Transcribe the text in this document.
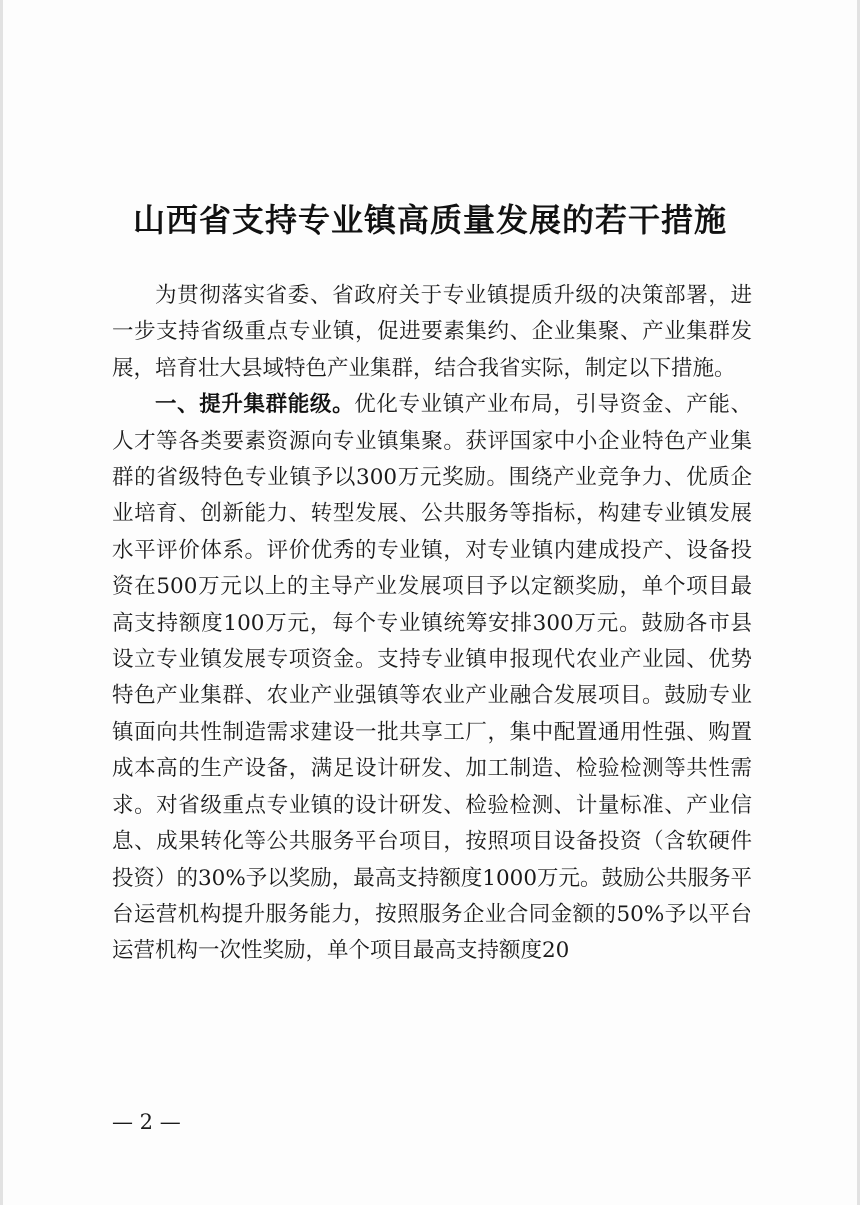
山西省支持专业镇高质量发展的若干措施

为贯彻落实省委、省政府关于专业镇提质升级的决策部署，进一步支持省级重点专业镇，促进要素集约、企业集聚、产业集群发展，培育壮大县域特色产业集群，结合我省实际，制定以下措施。

一、提升集群能级。优化专业镇产业布局，引导资金、产能、人才等各类要素资源向专业镇集聚。获评国家中小企业特色产业集群的省级特色专业镇予以300万元奖励。围绕产业竞争力、优质企业培育、创新能力、转型发展、公共服务等指标，构建专业镇发展水平评价体系。评价优秀的专业镇，对专业镇内建成投产、设备投资在500万元以上的主导产业发展项目予以定额奖励，单个项目最高支持额度100万元，每个专业镇统筹安排300万元。鼓励各市县设立专业镇发展专项资金。支持专业镇申报现代农业产业园、优势特色产业集群、农业产业强镇等农业产业融合发展项目。鼓励专业镇面向共性制造需求建设一批共享工厂，集中配置通用性强、购置成本高的生产设备，满足设计研发、加工制造、检验检测等共性需求。对省级重点专业镇的设计研发、检验检测、计量标准、产业信息、成果转化等公共服务平台项目，按照项目设备投资（含软硬件投资）的30%予以奖励，最高支持额度1000万元。鼓励公共服务平台运营机构提升服务能力，按照服务企业合同金额的50%予以平台运营机构一次性奖励，单个项目最高支持额度20

— 2 —
